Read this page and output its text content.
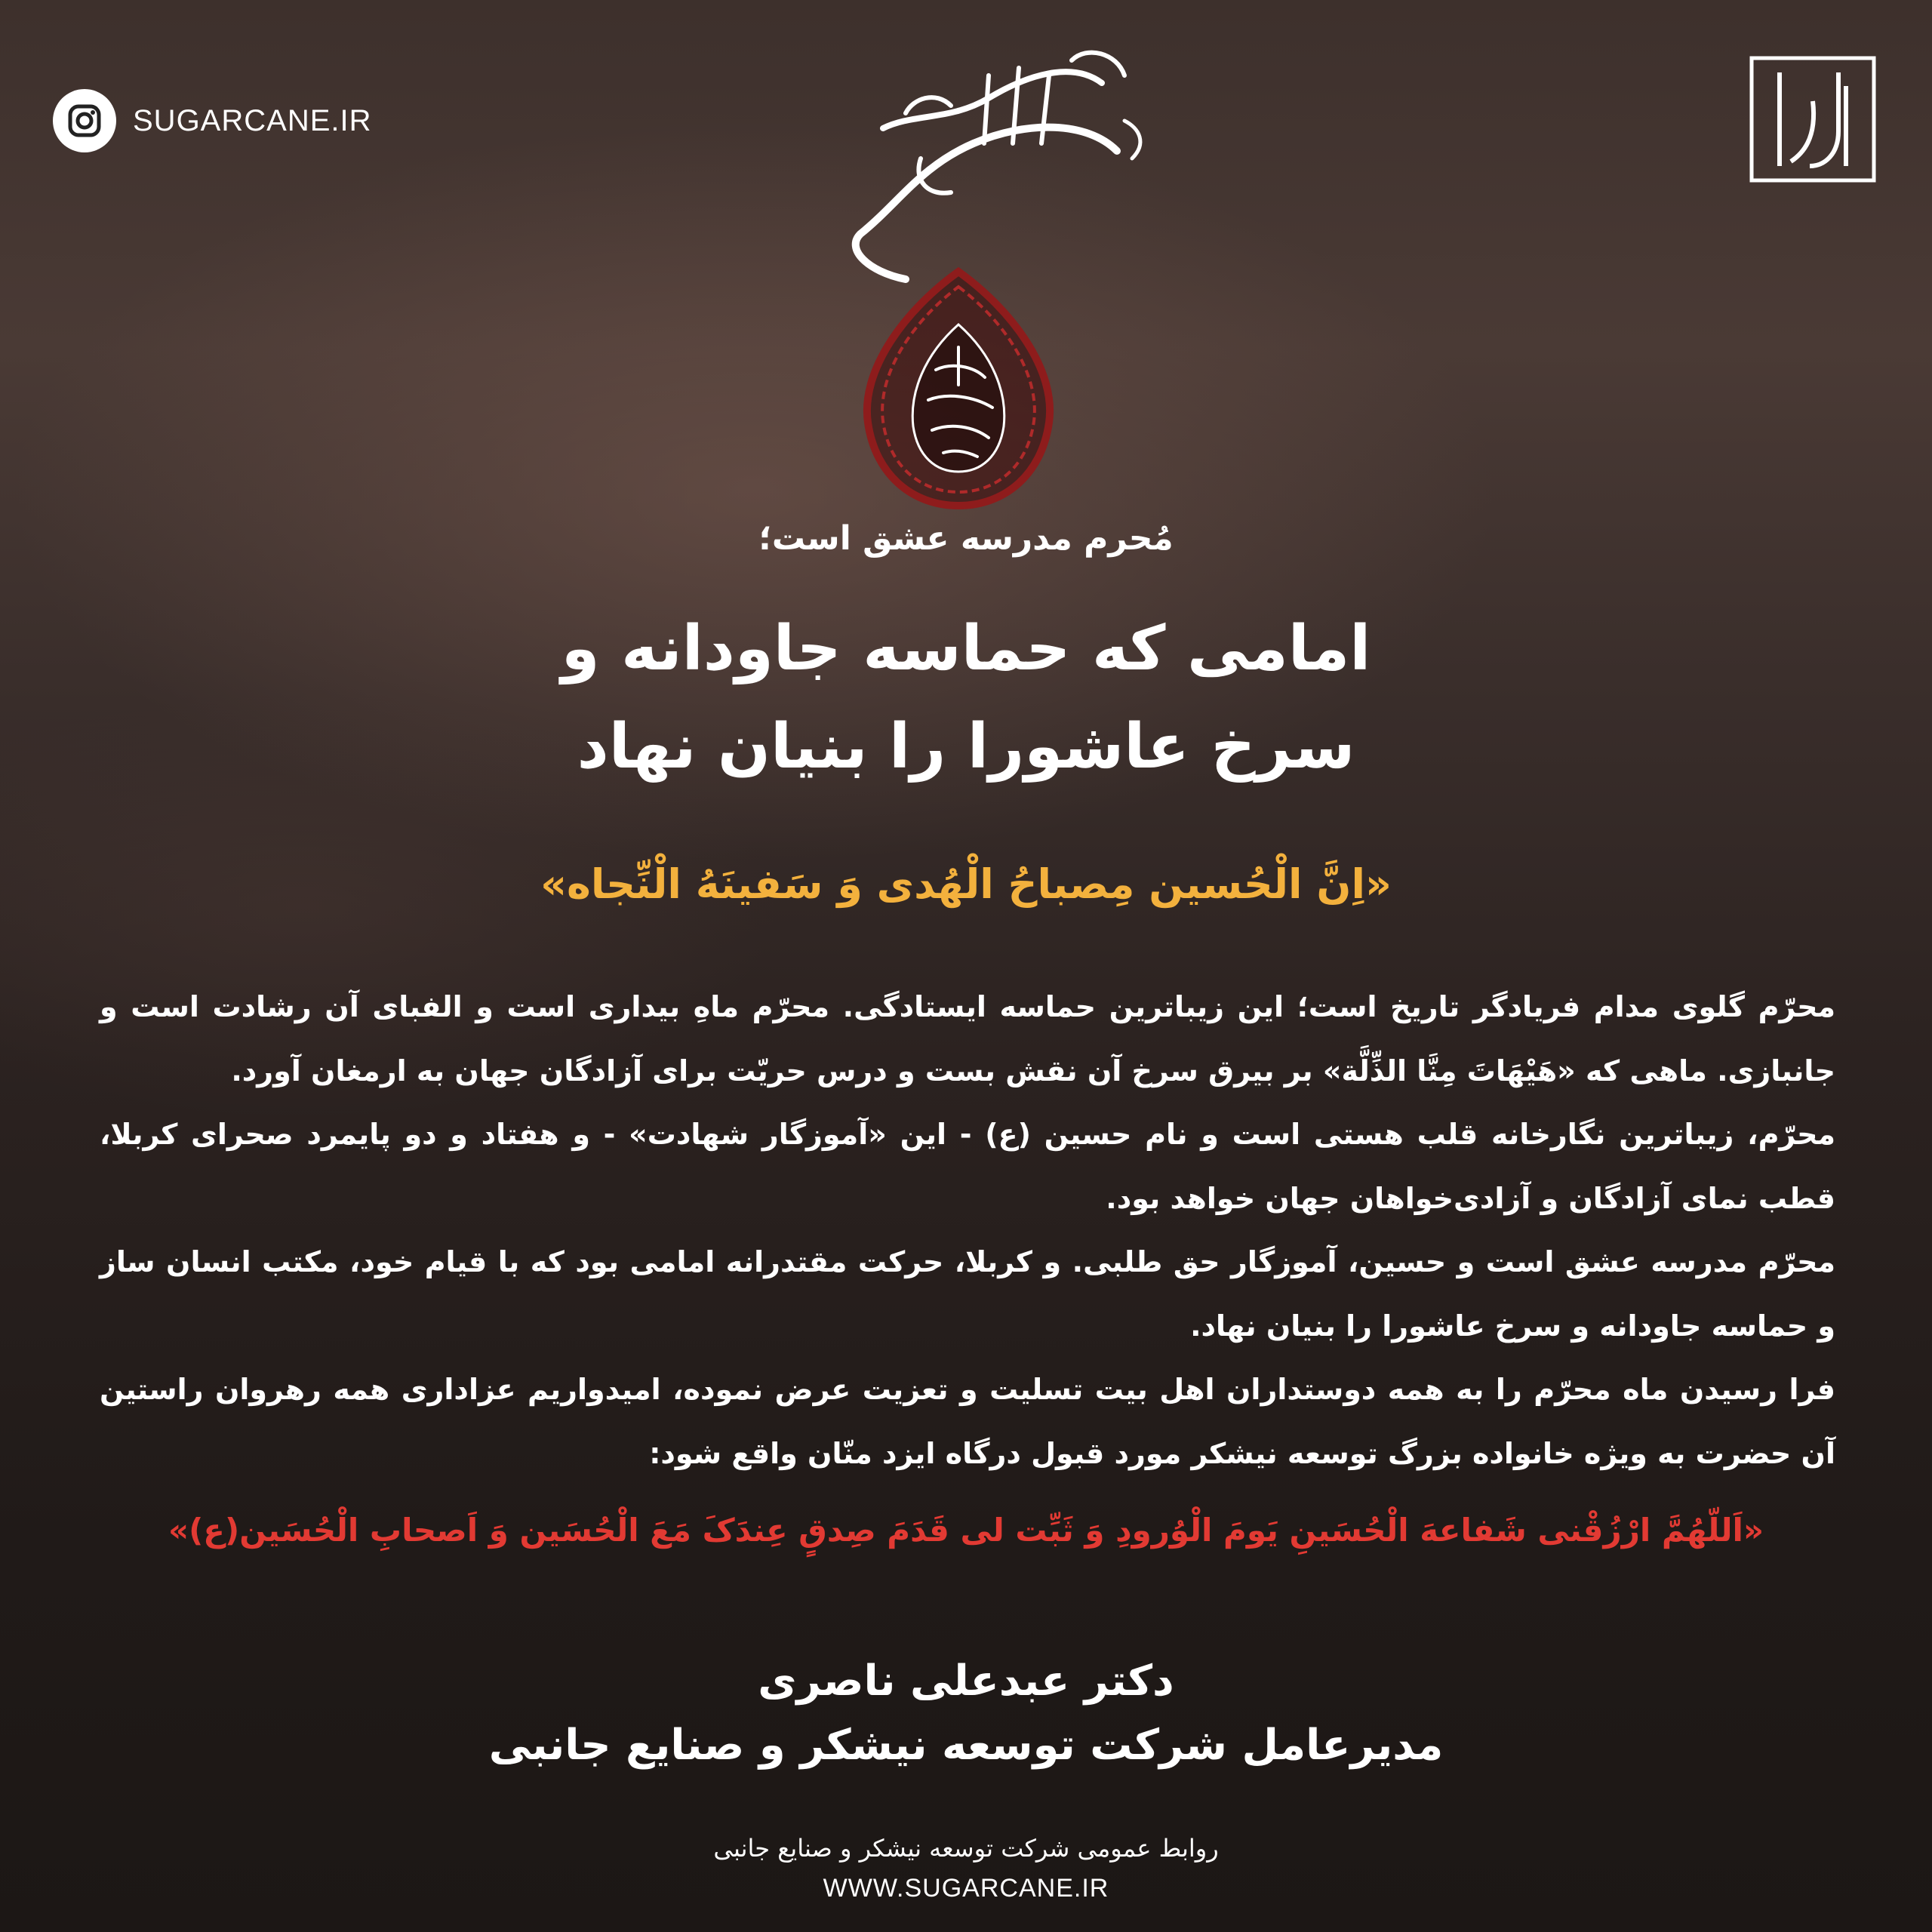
SUGARCANE.IR
مُحرم مدرسه عشق است؛
امامی که حماسه جاودانه و
سرخ عاشورا را بنیان نهاد
«اِنَّ الْحُسین مِصباحُ الْهُدی وَ سَفینَهُ الْنِّجاه»

محرّم گلوی مدام فریادگر تاریخ است؛ این زیباترین حماسه ایستادگی. محرّم ماهِ بیداری است و الفبای آن رشادت است و جانبازی. ماهی که «هَیْهَاتَ مِنَّا الذِّلَّة» بر بیرق سرخ آن نقش بست و درس حریّت برای آزادگان جهان به ارمغان آورد.

محرّم، زیباترین نگارخانه قلب هستی است و نام حسین (ع) - این «آموزگار شهادت» - و هفتاد و دو پایمرد صحرای کربلا، قطب نمای آزادگان و آزادی‌خواهان جهان خواهد بود.

محرّم مدرسه عشق است و حسین، آموزگار حق طلبی. و کربلا، حرکت مقتدرانه امامی بود که با قیام خود، مکتب انسان ساز و حماسه جاودانه و سرخ عاشورا را بنیان نهاد.

فرا رسیدن ماه محرّم را به همه دوستداران اهل بیت تسلیت و تعزیت عرض نموده، امیدواریم عزاداری همه رهروان راستین آن حضرت به ویژه خانواده بزرگ توسعه نیشکر مورد قبول درگاه ایزد منّان واقع شود:

«اَللّهُمَّ ارْزُقْنی شَفاعهَ الْحُسَینِ یَومَ الْوُرودِ وَ ثَبِّت لی قَدَمَ صِدقٍ عِندَکَ مَعَ الْحُسَین وَ اَصحابِ الْحُسَین(ع)»
دکتر عبدعلی ناصری
مدیرعامل شرکت توسعه نیشکر و صنایع جانبی
روابط عمومی شرکت توسعه نیشکر و صنایع جانبی
WWW.SUGARCANE.IR
